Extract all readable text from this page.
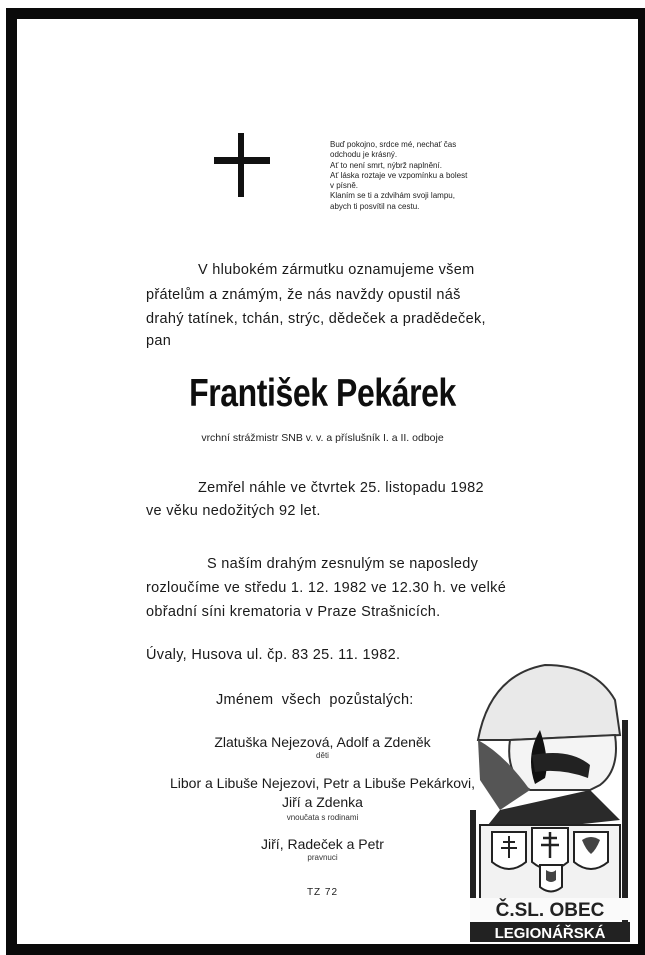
Buď pokojno, srdce mé, nechať čas
odchodu je krásný.
Ať to není smrt, nýbrž naplnění.
Ať láska roztaje ve vzpomínku a bolest
v písně.
Klaním se ti a zdvihám svoji lampu,
abych ti posvítil na cestu.
V hlubokém zármutku oznamujeme všem
přátelům a známým, že nás navždy opustil náš
drahý tatínek, tchán, strýc, dědeček a pradědeček,
pan
František Pekárek
vrchní strážmistr SNB v. v. a příslušník I. a II. odboje
Zemřel náhle ve čtvrtek 25. listopadu 1982
ve věku nedožitých 92 let.
S naším drahým zesnulým se naposledy
rozloučíme ve středu 1. 12. 1982 ve 12.30 h. ve velké
obřadní síni krematoria v Praze Strašnicích.
Úvaly, Husova ul. čp. 83 25. 11. 1982.
Jménem všech pozůstalých:
Zlatuška Nejezová, Adolf a Zdeněk
děti
Libor a Libuše Nejezovi, Petr a Libuše Pekárkovi,
Jiří a Zdenka
vnoučata s rodinami
Jiří, Radeček a Petr
pravnuci
TZ 72
Č.SL. OBEC
LEGIONÁŘSKÁ
